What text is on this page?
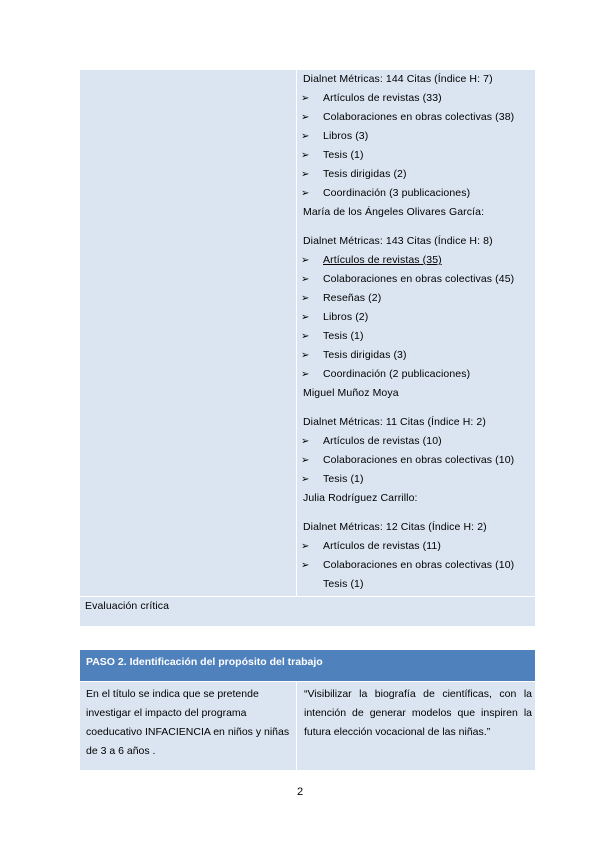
Dialnet Métricas: 144 Citas (Índice H: 7)
➢ Artículos de revistas (33)
➢ Colaboraciones en obras colectivas (38)
➢ Libros (3)
➢ Tesis (1)
➢ Tesis dirigidas (2)
➢ Coordinación (3 publicaciones)
María de los Ángeles Olivares García:
Dialnet Métricas: 143 Citas (Índice H: 8)
➢ Artículos de revistas (35)
➢ Colaboraciones en obras colectivas (45)
➢ Reseñas (2)
➢ Libros (2)
➢ Tesis (1)
➢ Tesis dirigidas (3)
➢ Coordinación (2 publicaciones)
Miguel Muñoz Moya
Dialnet Métricas: 11 Citas (Índice H: 2)
➢ Artículos de revistas (10)
➢ Colaboraciones en obras colectivas (10)
➢ Tesis (1)
Julia Rodríguez Carrillo:
Dialnet Métricas: 12 Citas (Índice H: 2)
➢ Artículos de revistas (11)
➢ Colaboraciones en obras colectivas (10)
Tesis (1)
Evaluación crítica
PASO 2. Identificación del propósito del trabajo
En el título se indica que se pretende investigar el impacto del programa coeducativo INFACIENCIA en niños y niñas de 3 a 6 años .
“Visibilizar la biografía de científicas, con la intención de generar modelos que inspiren la futura elección vocacional de las niñas.”
2
